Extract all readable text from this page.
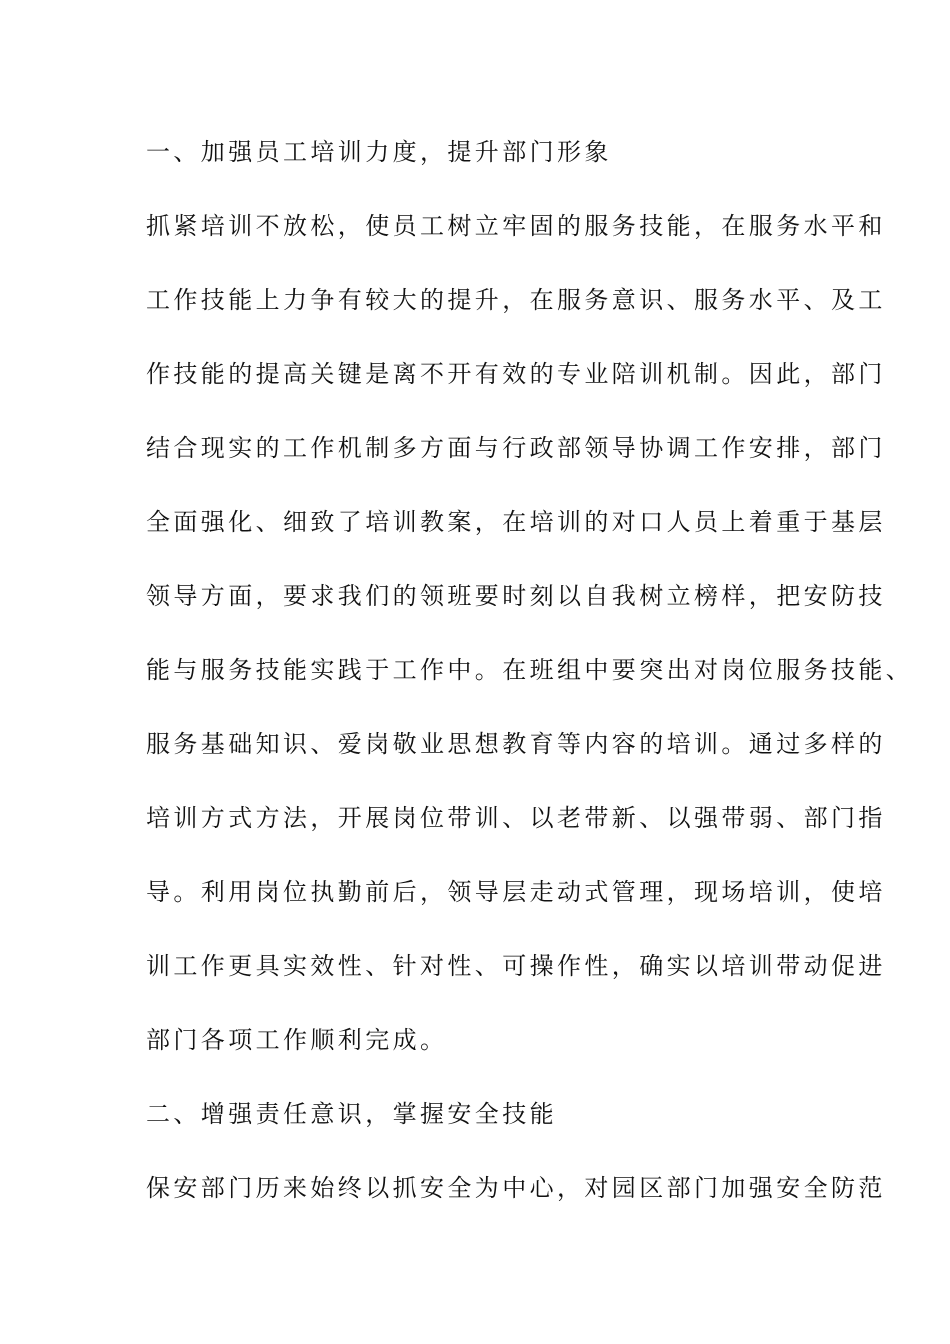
一、加强员工培训力度，提升部门形象
抓紧培训不放松，使员工树立牢固的服务技能，在服务水平和
工作技能上力争有较大的提升，在服务意识、服务水平、及工
作技能的提高关键是离不开有效的专业陪训机制。因此，部门
结合现实的工作机制多方面与行政部领导协调工作安排，部门
全面强化、细致了培训教案，在培训的对口人员上着重于基层
领导方面，要求我们的领班要时刻以自我树立榜样，把安防技
能与服务技能实践于工作中。在班组中要突出对岗位服务技能、
服务基础知识、爱岗敬业思想教育等内容的培训。通过多样的
培训方式方法，开展岗位带训、以老带新、以强带弱、部门指
导。利用岗位执勤前后，领导层走动式管理，现场培训，使培
训工作更具实效性、针对性、可操作性，确实以培训带动促进
部门各项工作顺利完成。
二、增强责任意识，掌握安全技能
保安部门历来始终以抓安全为中心，对园区部门加强安全防范
